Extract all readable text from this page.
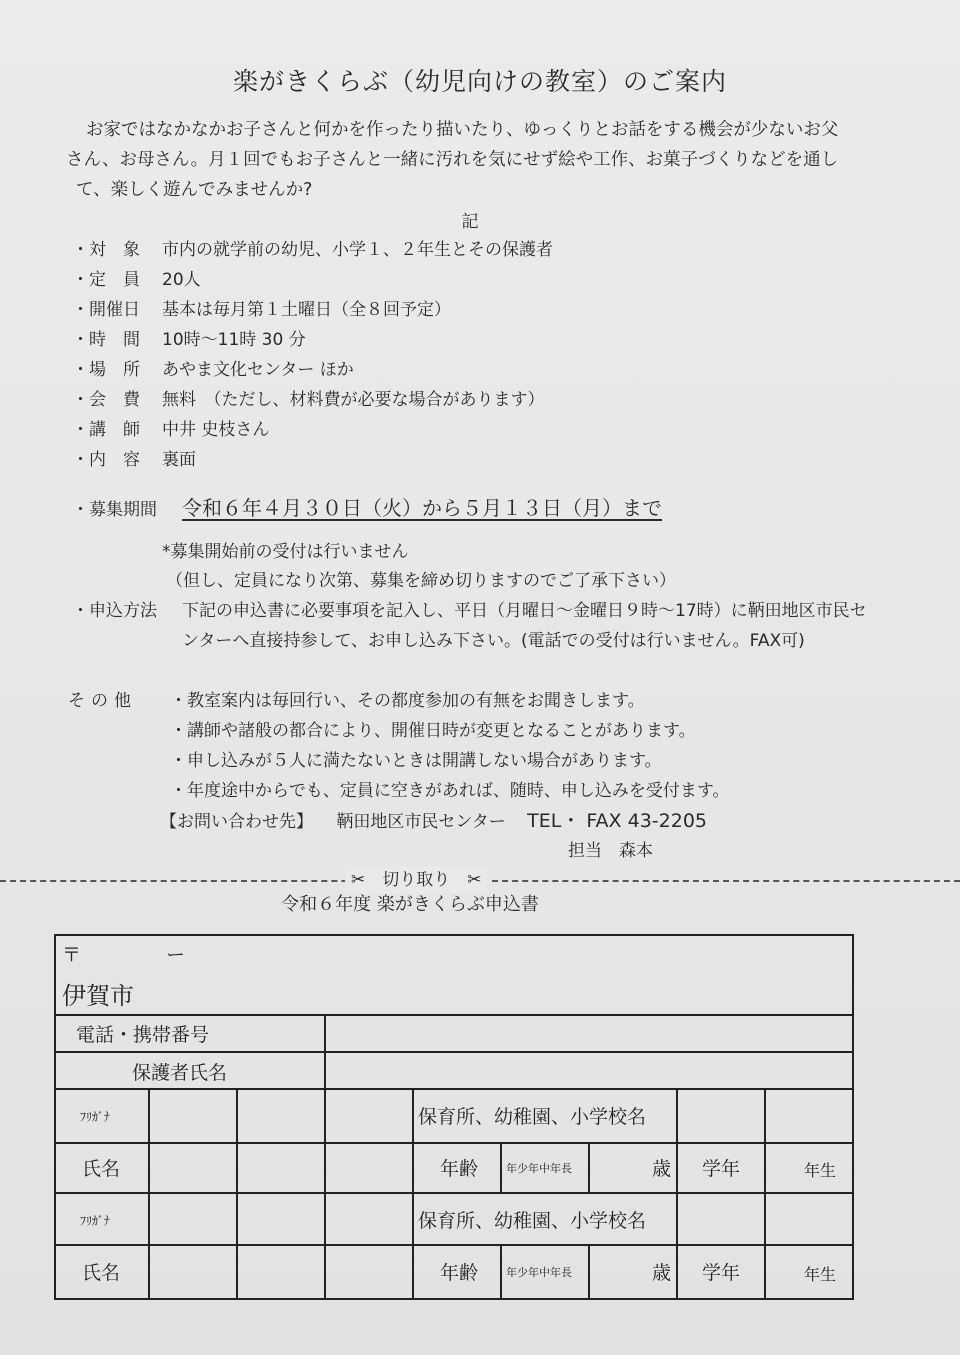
楽がきくらぶ（幼児向けの教室）のご案内

お家ではなかなかお子さんと何かを作ったり描いたり、ゆっくりとお話をする機会が少ないお父

さん、お母さん。月１回でもお子さんと一緒に汚れを気にせず絵や工作、お菓子づくりなどを通し

て、楽しく遊んでみませんか?

記
・対　象 市内の就学前の幼児、小学１、２年生とその保護者
・定　員 20人
・開催日 基本は毎月第１土曜日（全８回予定）
・時　間 10時～11時 30 分
・場　所 あやま文化センター ほか
・会　費 無料　（ただし、材料費が必要な場合があります）
・講　師 中井 史枝さん
・内　容 裏面
・募集期間 令和６年４月３０日（火）から５月１３日（月）まで
*募集開始前の受付は行いません
（但し、定員になり次第、募集を締め切りますのでご了承下さい）
・申込方法 下記の申込書に必要事項を記入し、平日（月曜日～金曜日９時～17時）に鞆田地区市民センターへ直接持参して、お申し込み下さい。(電話での受付は行いません。FAX可)
その他 ・教室案内は毎回行い、その都度参加の有無をお聞きします。
・講師や諸般の都合により、開催日時が変更となることがあります。
・申し込みが５人に満たないときは開講しない場合があります。
・年度途中からでも、定員に空きがあれば、随時、申し込みを受付ます。
【お問い合わせ先】 鞆田地区市民センター TEL・ FAX 43-2205
担当　森本
✂　切り取り　✂
令和６年度 楽がきくらぶ申込書
〒	ー
伊賀市
電話・携帯番号
保護者氏名
ﾌﾘｶﾞﾅ	保育所、幼稚園、小学校名
氏名	年齢	年少年中年長	歳 学年	年生
ﾌﾘｶﾞﾅ	保育所、幼稚園、小学校名
氏名	年齢	年少年中年長	歳 学年	年生
